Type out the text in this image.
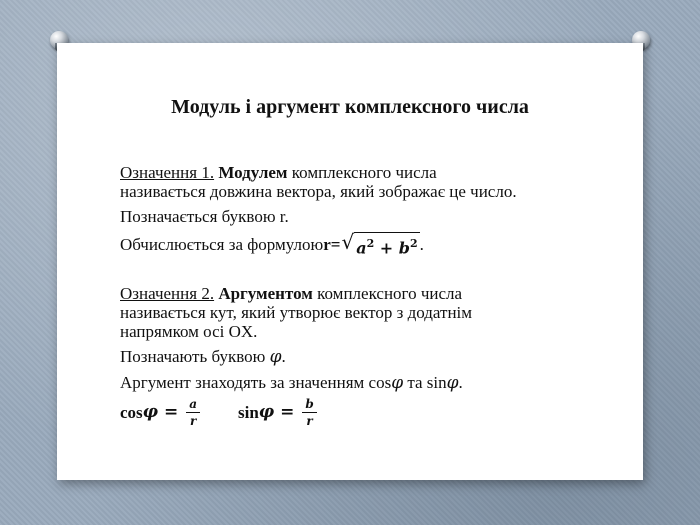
Модуль і аргумент комплексного числа
Означення 1. Модулем комплексного числа
називається довжина вектора, який зображає це число.
Позначається буквою r.
Обчислюється за формулою r= √ $a^2 + b^2$ .
Означення 2. Аргументом комплексного числа
називається кут, який утворює вектор з додатнім
напрямком осі OX.
Позначають буквою φ.
Аргумент знаходять за значенням cosφ та sinφ.
$\cos \varphi = \frac{a}{r}$ $\sin \varphi = \frac{b}{r}$
